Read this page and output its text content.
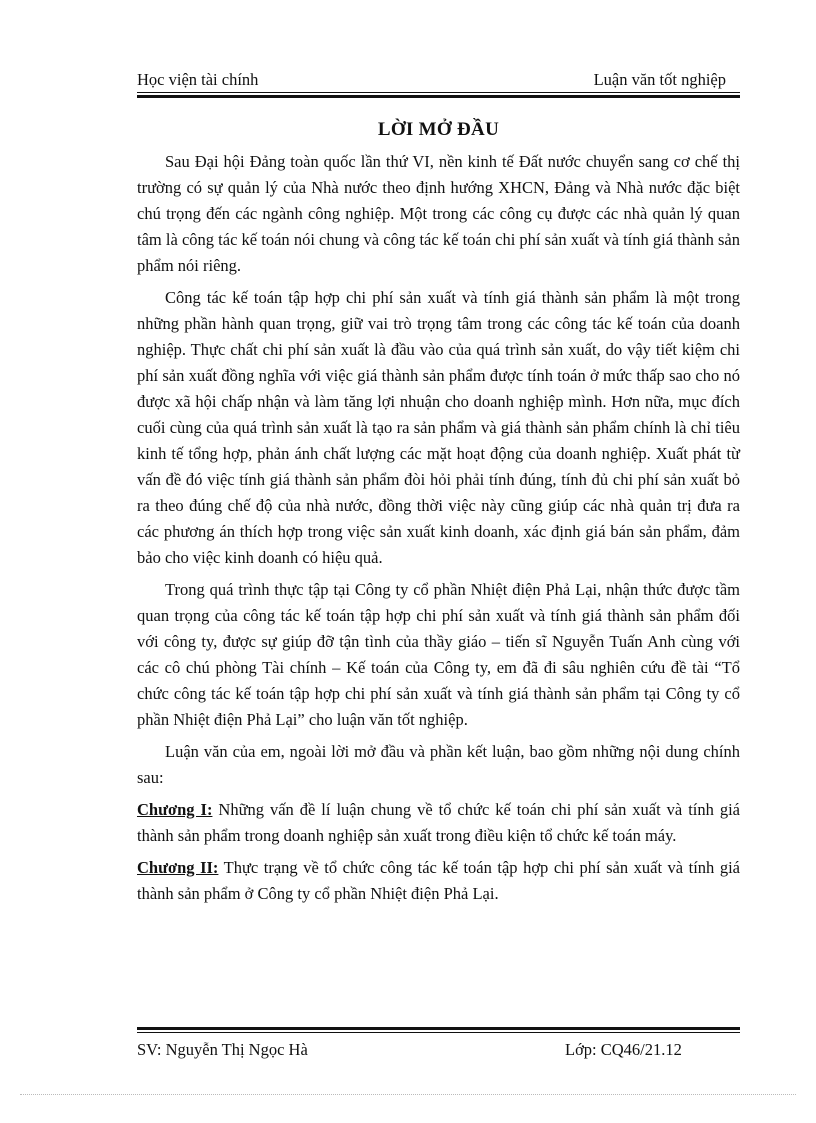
Học viện tài chính	Luận văn tốt nghiệp
LỜI MỞ ĐẦU

Sau Đại hội Đảng toàn quốc lần thứ VI, nền kinh tế Đất nước chuyển sang cơ chế thị trường có sự quản lý của Nhà nước theo định hướng XHCN, Đảng và Nhà nước đặc biệt chú trọng đến các ngành công nghiệp. Một trong các công cụ được các nhà quản lý quan tâm là công tác kế toán nói chung và công tác kế toán chi phí sản xuất và tính giá thành sản phẩm nói riêng.

Công tác kế toán tập hợp chi phí sản xuất và tính giá thành sản phẩm là một trong những phần hành quan trọng, giữ vai trò trọng tâm trong các công tác kế toán của doanh nghiệp. Thực chất chi phí sản xuất là đầu vào của quá trình sản xuất, do vậy tiết kiệm chi phí sản xuất đồng nghĩa với việc giá thành sản phẩm được tính toán ở mức thấp sao cho nó được xã hội chấp nhận và làm tăng lợi nhuận cho doanh nghiệp mình. Hơn nữa, mục đích cuối cùng của quá trình sản xuất là tạo ra sản phẩm và giá thành sản phẩm chính là chỉ tiêu kinh tế tổng hợp, phản ánh chất lượng các mặt hoạt động của doanh nghiệp. Xuất phát từ vấn đề đó việc tính giá thành sản phẩm đòi hỏi phải tính đúng, tính đủ chi phí sản xuất bỏ ra theo đúng chế độ của nhà nước, đồng thời việc này cũng giúp các nhà quản trị đưa ra các phương án thích hợp trong việc sản xuất kinh doanh, xác định giá bán sản phẩm, đảm bảo cho việc kinh doanh có hiệu quả.

Trong quá trình thực tập tại Công ty cổ phần Nhiệt điện Phả Lại, nhận thức được tầm quan trọng của công tác kế toán tập hợp chi phí sản xuất và tính giá thành sản phẩm đối với công ty, được sự giúp đỡ tận tình của thầy giáo – tiến sĩ Nguyễn Tuấn Anh cùng với các cô chú phòng Tài chính – Kế toán của Công ty, em đã đi sâu nghiên cứu đề tài “Tổ chức công tác kế toán tập hợp chi phí sản xuất và tính giá thành sản phẩm tại Công ty cổ phần Nhiệt điện Phả Lại” cho luận văn tốt nghiệp.

Luận văn của em, ngoài lời mở đầu và phần kết luận, bao gồm những nội dung chính sau:

Chương I: Những vấn đề lí luận chung về tổ chức kế toán chi phí sản xuất và tính giá thành sản phẩm trong doanh nghiệp sản xuất trong điều kiện tổ chức kế toán máy.

Chương II: Thực trạng về tổ chức công tác kế toán tập hợp chi phí sản xuất và tính giá thành sản phẩm ở Công ty cổ phần Nhiệt điện Phả Lại.

SV: Nguyễn Thị Ngọc Hà	Lớp: CQ46/21.12
